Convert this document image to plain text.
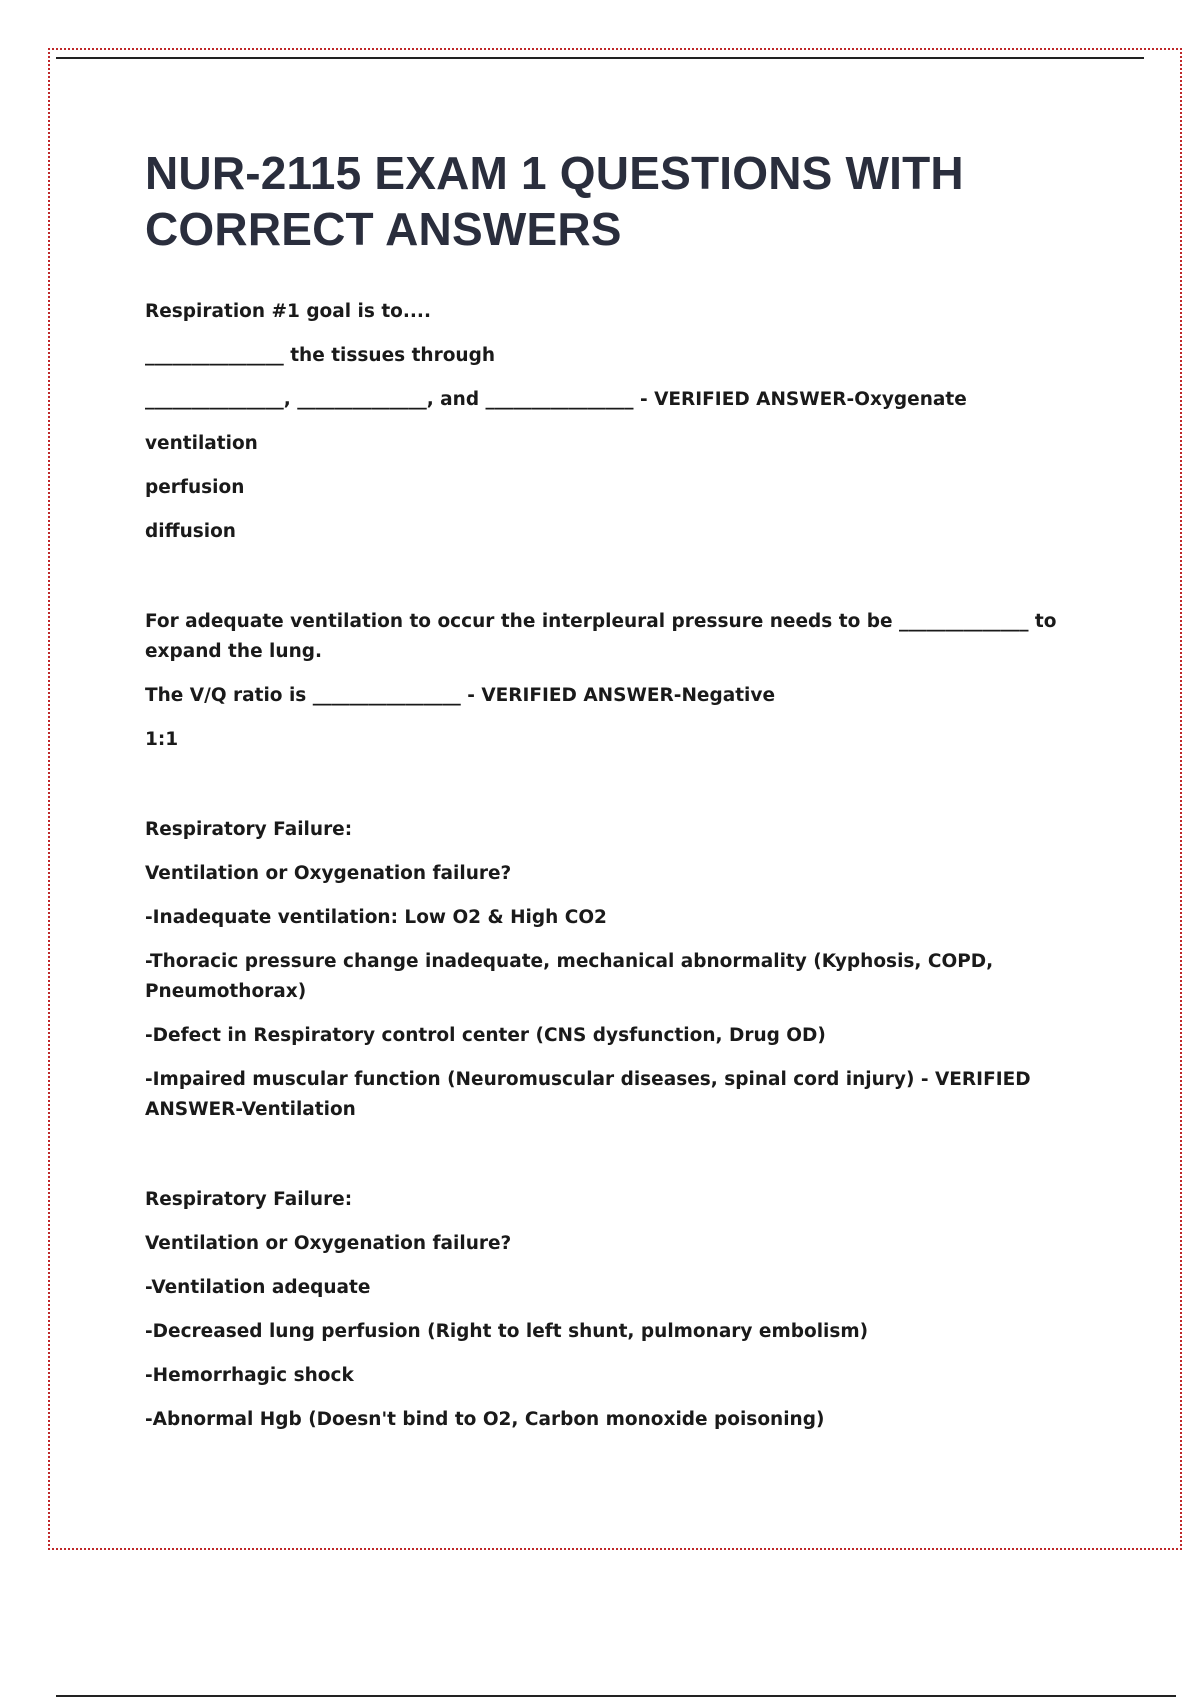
NUR-2115 EXAM 1 QUESTIONS WITH CORRECT ANSWERS

Respiration #1 goal is to....

_______________ the tissues through

_______________, ______________, and ________________ - VERIFIED ANSWER-Oxygenate

ventilation

perfusion

diffusion

For adequate ventilation to occur the interpleural pressure needs to be ______________ to expand the lung.

The V/Q ratio is ________________ - VERIFIED ANSWER-Negative

1:1

Respiratory Failure:

Ventilation or Oxygenation failure?

-Inadequate ventilation: Low O2 & High CO2

-Thoracic pressure change inadequate, mechanical abnormality (Kyphosis, COPD, Pneumothorax)

-Defect in Respiratory control center (CNS dysfunction, Drug OD)

-Impaired muscular function (Neuromuscular diseases, spinal cord injury) - VERIFIED ANSWER-Ventilation

Respiratory Failure:

Ventilation or Oxygenation failure?

-Ventilation adequate

-Decreased lung perfusion (Right to left shunt, pulmonary embolism)

-Hemorrhagic shock

-Abnormal Hgb (Doesn't bind to O2, Carbon monoxide poisoning)
